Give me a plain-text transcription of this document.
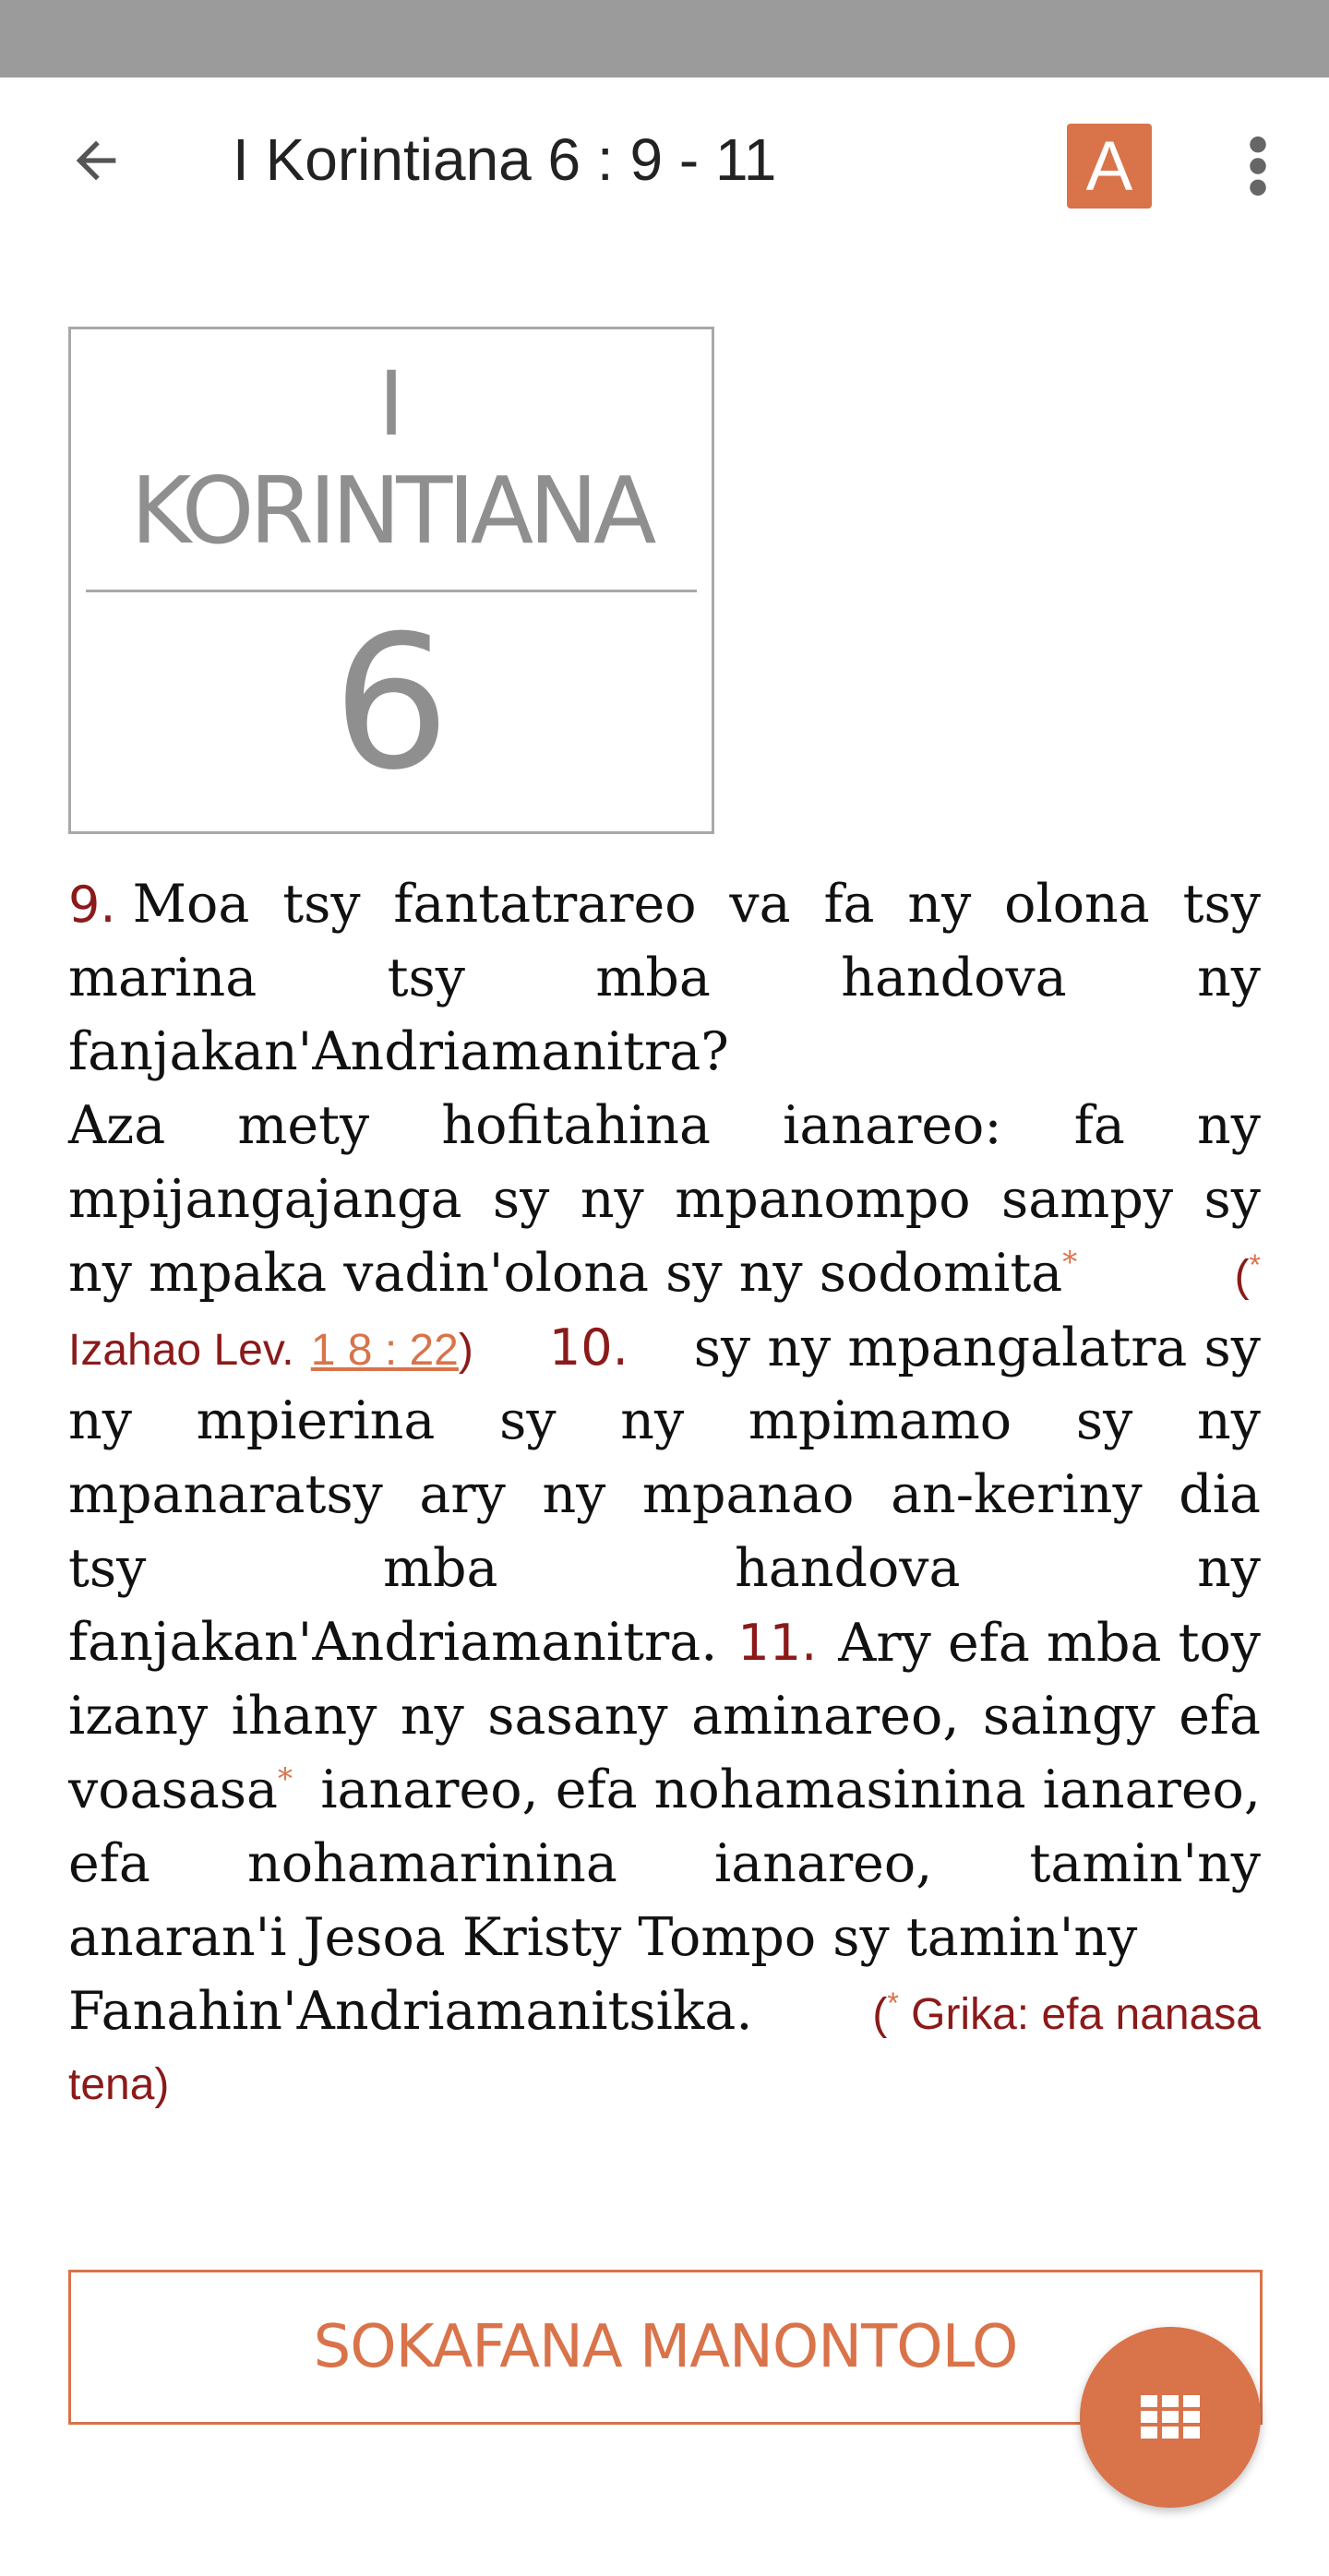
I Korintiana 6 : 9 - 11	A
I
KORINTIANA
6
9. Moa tsy fantatrareo va fa ny olona tsy
marina tsy mba handova ny
fanjakan'Andriamanitra?
Aza mety hofitahina ianareo: fa ny
mpijangajanga sy ny mpanompo sampy sy
ny mpaka vadin'olona sy ny sodomita*	(*
Izahao Lev. 1 8 : 22) 10. sy ny mpangalatra sy
ny mpierina sy ny mpimamo sy ny
mpanaratsy ary ny mpanao an-keriny dia
tsy	mba	handova	ny
fanjakan'Andriamanitra. 11. Ary efa mba toy
izany ihany ny sasany aminareo, saingy efa
voasasa* ianareo, efa nohamasinina ianareo,
efa nohamarinina ianareo, tamin'ny
anaran'i Jesoa Kristy Tompo sy tamin'ny
Fanahin'Andriamanitsika.	(* Grika: efa nanasa
tena)
SOKAFANA MANONTOLO
